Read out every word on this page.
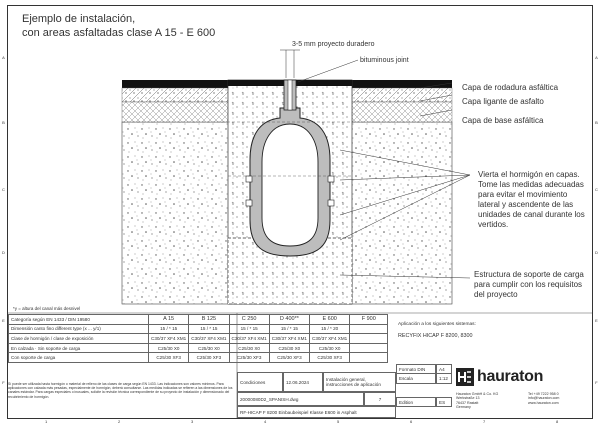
A
B
C
D
E
F
A
B
C
D
E
F
1	2	3	4	5	6	7	8
Ejemplo de instalación,
con areas asfaltadas clase A 15 - E 600
3-5 mm proyecto duradero
bituminous joint
Capa de rodadura asfáltica
Capa ligante de asfalto
Capa de base asfáltica
Vierta el hormigón en capas.
Tome las medidas adecuadas
para evitar el movimiento
lateral y ascendente de las
unidades de canal durante los
vertidos.
Estructura de soporte de carga
para cumplir con los requisitos
del proyecto
*y = altura del canal más desnivel
Categoría según EN 1433 / DIN 19580	A 15	B 125	C 250	D 400**	E 600	F 900
Dimensión canto fino different type (x ... y/1)	15 / * 15	15 / * 15	15 / * 15	15 / * 15	15 / * 20	
Clase de hormigón / clase de exposición	C30/37 XF4 XM1	C30/37 XF4 XM1	C30/37 XF4 XM1	C30/37 XF4 XM1	C30/37 XF4 XM1	
En calzada · Sin soporte de carga	C25/30 X0	C25/30 X0	C25/30 X0	C25/30 X0	C25/30 X0	
Con soporte de carga	C25/30 XF3	C25/30 XF3	C25/30 XF3	C25/30 XF3	C25/30 XF3	
Sí puede ser utilizada hasta hormigón o material de relleno de las clases de carga según EN 1433. Las indicaciones son valores mínimos. Para aplicaciones con calzada más pesadas, especialmente de hormigón, deberá consultarse. Las medidas indicadas se refieren a las dimensiones de los canales estándar. Para cargas especiales o inusuales, solicite la revisión técnica correspondiente de su proyecto de instalación y dimensionado del recubrimiento de hormigón.
Aplicación a los siguientes sistemas:
RECYFIX HICAP F 8200, 8300
Condiciones	12.06.2024	Instalación general, instrucciones de aplicación
20000080D2_SPANISH.dwg	7
RF-HICAP F 8200 Einbaubeispiel Klasse E600 in Asphalt
Formato DIN	A4
Escala	1:12
Edition	ES
hauraton
Hauraton GmbH & Co. KG
Werkstraße 13
76437 Rastatt
Germany
Tel +49 7222 958 0
info@hauraton.com
www.hauraton.com
